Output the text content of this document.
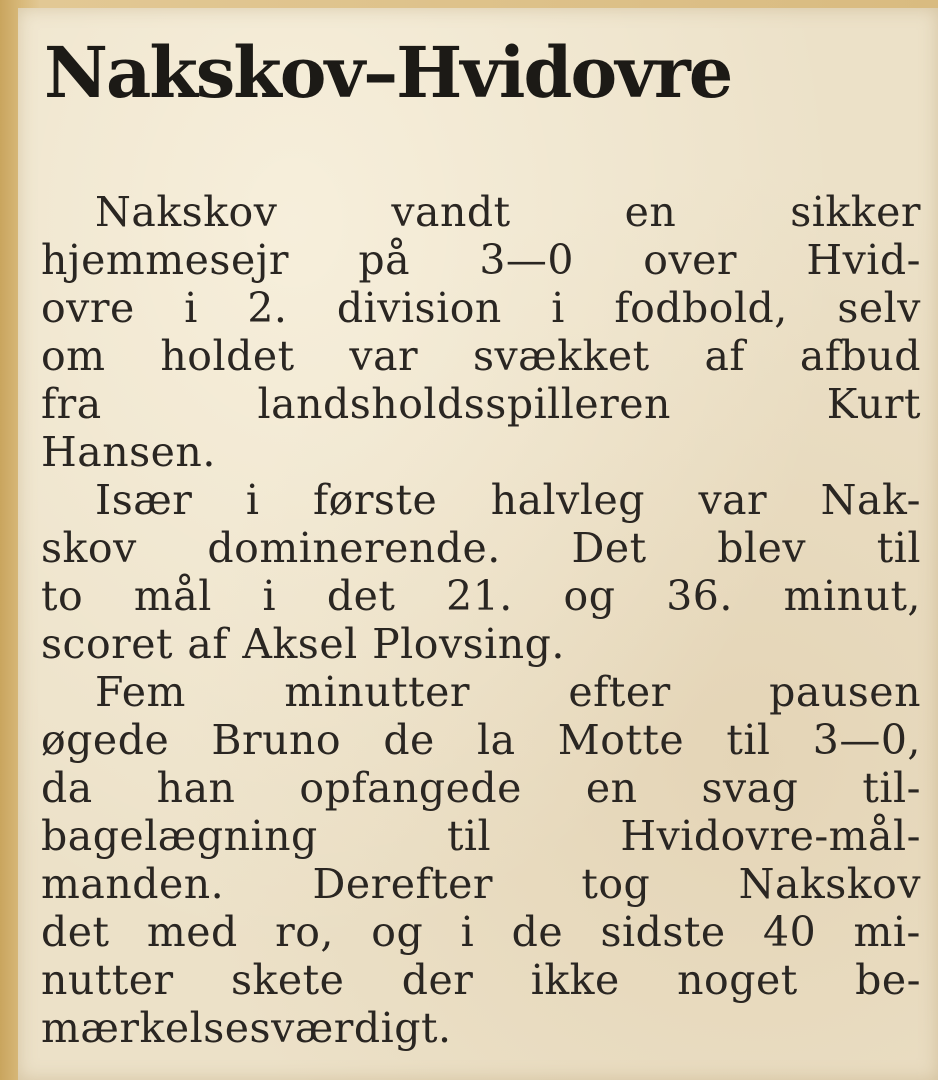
Nakskov–Hvidovre
Nakskov	vandt	en	sikker
hjemmesejr på 3—0 over Hvid-
ovre i 2. division i fodbold, selv
om holdet var svækket af afbud
fra	landsholdsspilleren	Kurt
Hansen.
Især i første halvleg var Nak-
skov dominerende. Det blev til
to mål i det 21. og 36. minut,
scoret af Aksel Plovsing.
Fem minutter efter pausen
øgede Bruno de la Motte til 3—0,
da han opfangede en svag til-
bagelægning	til	Hvidovre-mål-
manden. Derefter tog Nakskov
det med ro, og i de sidste 40 mi-
nutter skete der ikke noget be-
mærkelsesværdigt.
